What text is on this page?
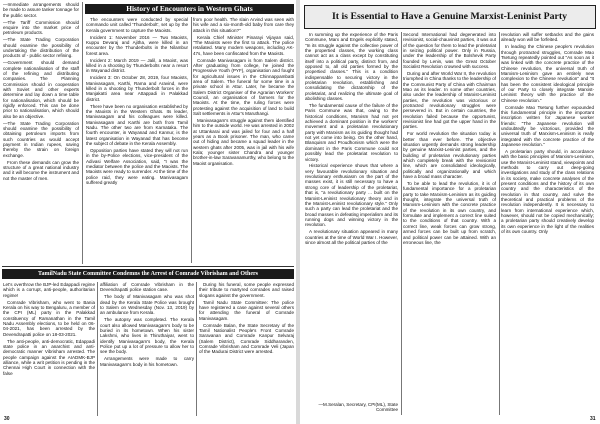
—Immediate arrangements should be made to assure tanker tonnage for the public sector.

—The Tariff Commission should enquire into the market price of petroleum products.

—The State Trading Corporation should examine the possibility of undertaking the distribution of the products of - public sector refining.

—Government should demand complete nationalisation of the staff of the refining and distributing companies. The Planning Commission should in cooperation with Soviet and other experts determine and lay down a time table for nationalisation, which should be rigidly enforced. This can be done prior to nationalisation, which should also be an objective.

—The State Trading Corporation should examine the possibility of obtaining petroleum imports from such countries as would accept payment in Indian rupees, saving thereby the strain on foreign exchange.

From these demands can grow the structure of a great national industry and it will become the instrument and not the master of men.

History of Encounters in Western Ghats

The encounters were conducted by special commando unit called 'Thunderbolt', set up by the Kerala government to capture the Maoists.

Incident 1: November 2016 — Two Maoists, Kuppu Devaraj and Ajitha, were killed in an encounter by the Thunderbolts in the Nilambur forest area.

Incident 2: March 2019 — Jalil, a Maoist, was killed in a shooting by Thunderbolts near a resort in Wayanad district.

Incident 3: On October 28, 2019, four Maoists, Manivasagam, Karthi, Rama and Aravind, were killed in a shooting by Thunderbolt forces in the Manjakatti area near Attappadi in Palakkad district.

There have been no organisation established by the Maoists in the Western Ghats. Its leader, Manivasagam and his colleagues were killed. Manivasagam and Karthi are both from Tamil Nadu. The other two are from Karnataka. The fourth encounter, in Wayanad and Kannur, is the latest organisation in Wayanad that has become the subject of debate in the Kerala Assembly.

Opposition parties have stated they will not run in the by-Police elections, vice-president of the Adivasi Welfare Association, said, "I was the mediator between the police and the Maoists. The Maoists were ready to surrender. At the time of the police raid, they were eating. Manivasagam suffered greatly

from poor health. The slain Arvind was seen with his wife and a six-month-old baby from care they attack in this situation?"

Kerala Chief Minister Pinarayi Vijayan said, "The Maoists were the first to attack. The police retaliated. Many modern weapons, including AK-47s, have been confiscated from the Maoists.

Comrade Manivasagam is from Salem district. After graduating from college, he joined the Progressive Youth (PYF), organisation and fought for agricultural issues in the Chinnappambatti area of Salem. The funeral for some time in a private school in Attur. Later, he became the Salem District Organiser of the Agrarian Workers' Council, an organisation of farmers for the Maoists. At the time, the ruling forces were protesting against the acquisition of land to build Salt settlements in Attur's Maruthangi.

Manivasagam's struggle against them identified him to the outside world. He was arrested in 2002 at Uttankarai and was jailed for four and a half years as a Book prisoner. The man, who came out of hiding and became a squad leader in the western ghats after 2005, was in jail with his wife Kala; younger sister Chandra and younger brother-in-law Saravanamurthy, who belong to the Maoist organisation.

TamilNadu State Committee Condemns the Arrest of Comrade Vibrisham and Others

Let's overthrow the BJP-led Edappadi regime which is a corrupt, anti-people, authoritarian regime!

Comrade Vibrisham, who went to Bania Kerala on his way to Bengaluru, a member of the CPI (ML) party in the Palakkad constituency of Ramanathan in the Tamil Nadu Assembly elections, to be held on 06-04-2021, has been arrested by the Devendrapatti police on 18-03-2021.

The anti-people, anti-democratic, Edappadi state police in an anarchist and anti-democratic manner Vibrisham arrested. The people campaign against the AIADMK-BJP alliance, while a writ petition is pending in the Chennai High Court in connection with the false

affiliation of Comrade Vibrisham in the Devendrapatti police station case.

The body of Manivasagam who was shot dead by the Kerala State Police was brought to Salem on Wednesday (Nov. 13, 2019) by an ambulance from Kerala.

The autopsy was completed. The Kerala court also allowed Manivasagam's body to be buried in its hometown. When his sister Lakshmi, who lives in Thiruthaiyar, went to identify Manivasagam's body, the Kerala Police put up a lot of pressure to allow her to see the body.

Arrangements were made to carry Manivasagam's body in his hometown.

During his funeral, some people expressed their tribute to martyred comrades and raised slogans against the government.

Tamil Nadu State Committee: The police have registered a case against several others for attending the funeral of Comrade Manivasagam.

Comrade Balan, the State Secretary of the Tamil Nationalist People's Front Comrade Saravanan and Comrade Kanpur Selvaraj (Salem District), Comrade Siddharanden, Comrade Vibrisham and Comrade Veli (Japan of the Madurai District were arrested.

30
It is Essential to Have a Genuine Marxist-Leninist Party

In summing up the experience of the Paris Commune, Marx and Engels explicitly stated, "In its struggle against the collective power of the propertied classes, the working class cannot act as a class except by constituting itself into a political party, distinct from, and opposed to, all old parties formed by the propertied classes." This is a condition indispensable to securing victory in the proletarian revolution, establishing and consolidating the dictatorship of the proletariat, and realizing the ultimate goal of abolishing classes.

The fundamental cause of the failure of the Paris Commune was that, owing to the historical conditions, Marxism had not yet achieved a dominant position in the workers' movement and a proletarian revolutionary party with Marxism as its guiding thought had not yet come into being. On the other hand, Blanquism and Proudhonism which were the dominant in the Paris Commune could not possibly lead the proletariat revolution to victory.

Historical experience shows that where a very favourable revolutionary situation and revolutionary enthusiasm on the part of the masses exist, it is still necessary to have a strong core of leadership of the proletariat, that is, "a revolutionary party ... built on the Marxist-Leninist revolutionary theory and in the Marxist-Leninist revolutionary style." Only such a party can lead the proletariat and the broad masses in defeating imperialism and its running dogs and winning victory in the revolution.

A revolutionary situation appeared in many countries at the time of World War I. However, since almost all the political parties of the

Second International had degenerated into revisionist, social-chauvinist parties, it was out of the question for them to lead the proletariat in seizing political power. Only in Russia, under the leadership of the Bolshevik Party founded by Lenin, was the Great October Socialist Revolution crowned with success.

During and after World War II, the revolution triumphed in China thanks to the leadership of the Communist Party of China with Chairman Mao as its leader. In some other countries, also under the leadership of Marxist-Leninist parties, the revolution was victorious or protracted revolutionary struggles were persevered in. But in certain countries, the revolution failed because the opportunist, revisionist line had got the upper hand in the parties.

For world revolution the situation today is better than ever before. The objective situation urgently demands strong leadership by genuine Marxist-Leninist parties, and the building of proletarian revolutionary parties which completely break with the revisionist line, which are consolidated ideologically, politically and organizationally and which have a broad mass character.

To be able to lead the revolution, it is of fundamental importance for a proletarian party to take Marxism-Leninism as its guiding thought, integrate the universal truth of Marxism-Leninism with the concrete practice of the revolution in its own country, and formulate and implement a correct line suited to the conditions of that country. With a correct line, weak forces can grow strong, armed forces can be built up from scratch, and political power can be attained. With an erroneous line, the

revolution will suffer setbacks and the gains already won will be forfeited.

In leading the Chinese people's revolution through protracted struggles, Comrade Mao Tsetung repeatedly pointed out "As soon as it was linked with the concrete practice of the Chinese revolution, the universal truth of Marxism-Leninism gave an entirely new complexion to the Chinese revolution" and "It has been the consistent ideological principle of our Party to closely integrate Marxist-Leninist theory with the practice of the Chinese revolution."

Comrade Mao Tsetung further expounded this fundamental principle in the important inscription written for Japanese worker friends: "The Japanese revolution will undoubtedly be victorious, provided the universal truth of Marxism-Leninism is really integrated with the concrete practice of the Japanese revolution."

A proletarian party should, in accordance with the basic principles of Marxism-Leninism, use the Marxist-Leninist stand, viewpoints and methods to carry out deep-going investigations and study of the class relations in its society, make concrete analyses of the present conditions and the history of its own country and the characteristics of the revolution in that country, and solve the theoretical and practical problems of the revolution independently. It is necessary to learn from international experience which, however, should not be copied mechanically; a proletarian party should creatively develop its own experience in the light of the realities of its own country. Only

—M.Seralan, Secretary, CPI(ML), State Committee

31
